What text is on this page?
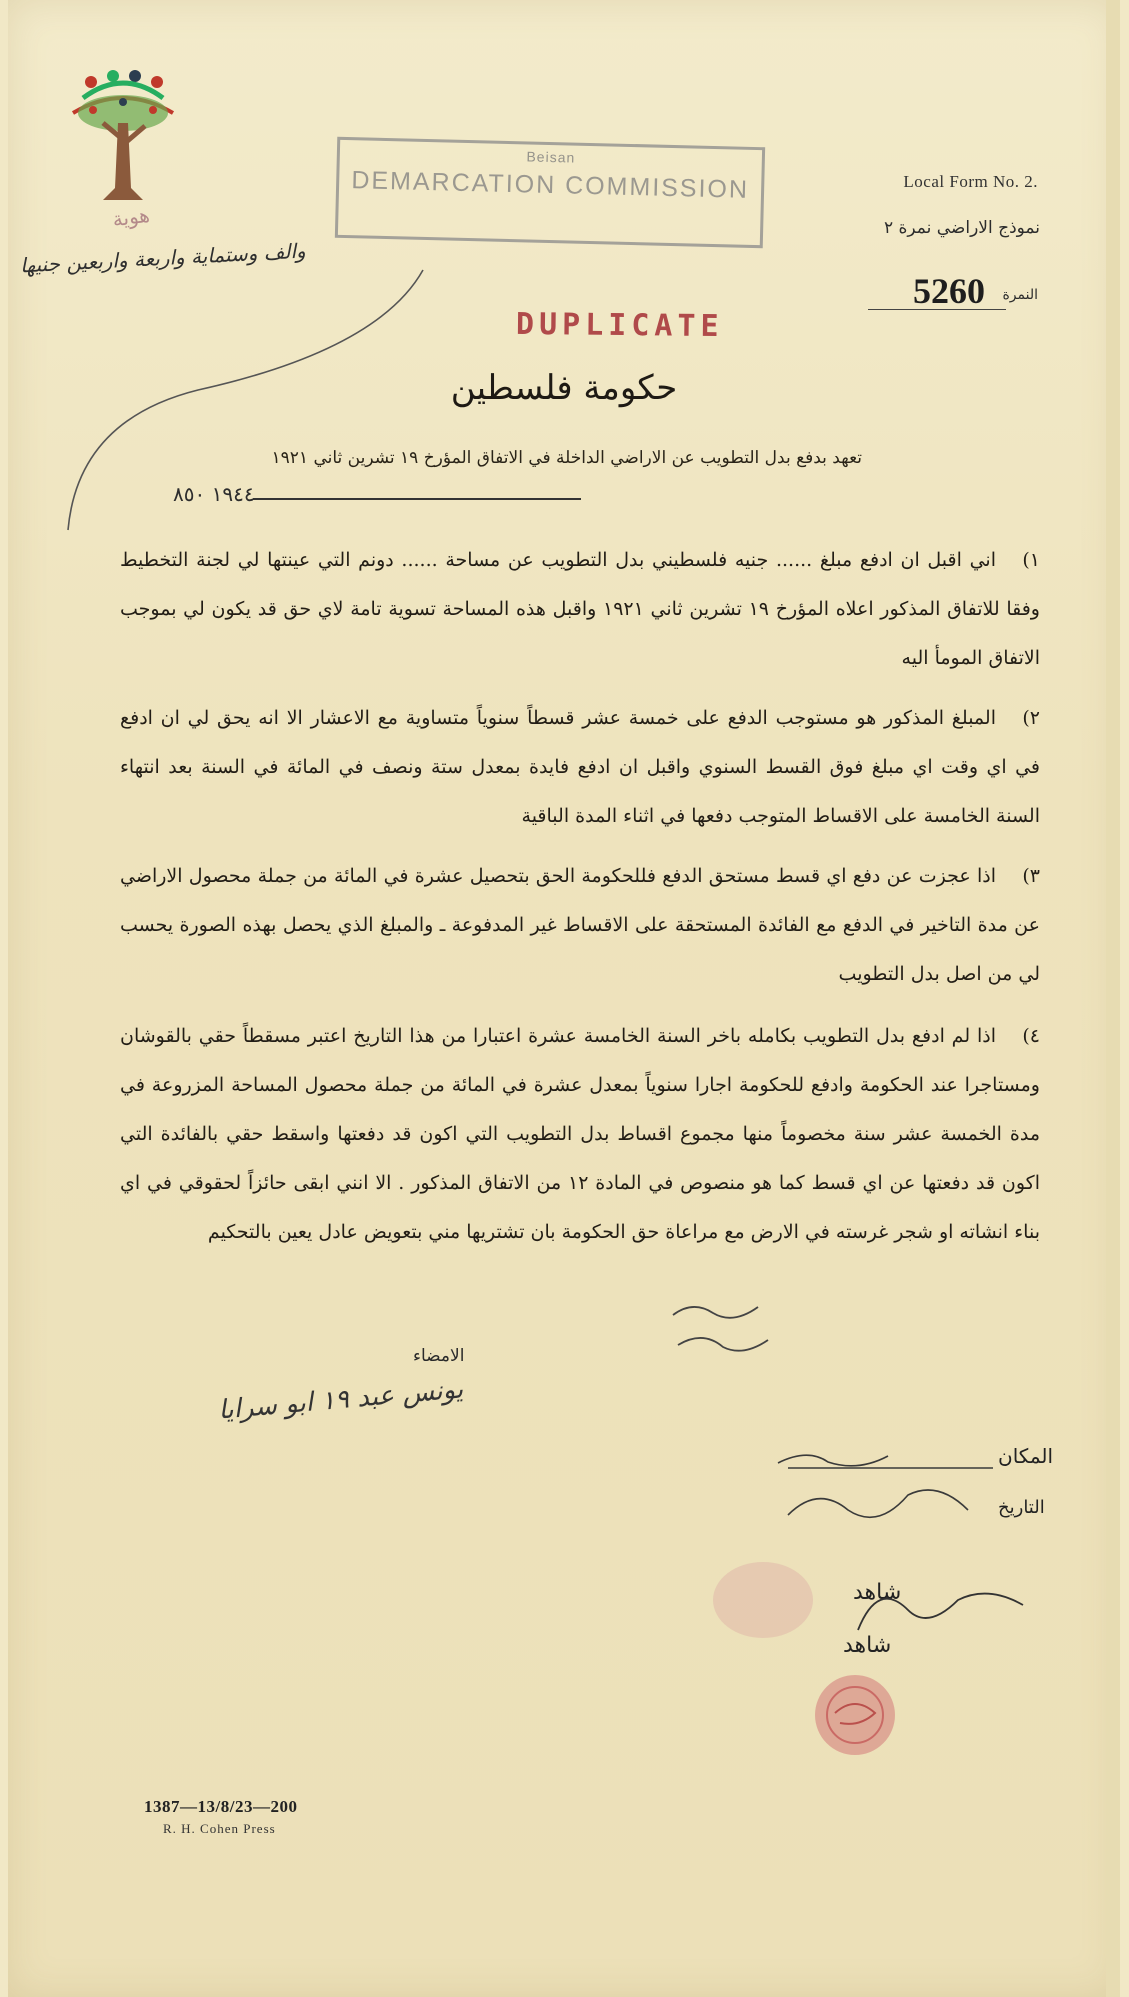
هوية
والف وستماية واربعة واربعين جنيها
Beisan
DEMARCATION COMMISSION	Local Form No. 2.
نموذج الاراضي نمرة ٢
5260 النمرة
DUPLICATE
حكومة فلسطين
تعهد بدفع بدل التطويب عن الاراضي الداخلة في الاتفاق المؤرخ ١٩ تشرين ثاني ١٩٢١
١٩٤٤ ٨٥٠
١)اني اقبل ان ادفع مبلغ ...... جنيه فلسطيني بدل التطويب عن مساحة ...... دونم التي عينتها لي لجنة التخطيط وفقا للاتفاق المذكور اعلاه المؤرخ ١٩ تشرين ثاني ١٩٢١ واقبل هذه المساحة تسوية تامة لاي حق قد يكون لي بموجب الاتفاق المومأ اليه
٢)المبلغ المذكور هو مستوجب الدفع على خمسة عشر قسطاً سنوياً متساوية مع الاعشار الا انه يحق لي ان ادفع في اي وقت اي مبلغ فوق القسط السنوي واقبل ان ادفع فايدة بمعدل ستة ونصف في المائة في السنة بعد انتهاء السنة الخامسة على الاقساط المتوجب دفعها في اثناء المدة الباقية
٣)اذا عجزت عن دفع اي قسط مستحق الدفع فللحكومة الحق بتحصيل عشرة في المائة من جملة محصول الاراضي عن مدة التاخير في الدفع مع الفائدة المستحقة على الاقساط غير المدفوعة ـ والمبلغ الذي يحصل بهذه الصورة يحسب لي من اصل بدل التطويب
٤)اذا لم ادفع بدل التطويب بكامله باخر السنة الخامسة عشرة اعتبارا من هذا التاريخ اعتبر مسقطاً حقي بالقوشان ومستاجرا عند الحكومة وادفع للحكومة اجارا سنوياً بمعدل عشرة في المائة من جملة محصول المساحة المزروعة في مدة الخمسة عشر سنة مخصوماً منها مجموع اقساط بدل التطويب التي اكون قد دفعتها واسقط حقي بالفائدة التي اكون قد دفعتها عن اي قسط كما هو منصوص في المادة ١٢ من الاتفاق المذكور . الا انني ابقى حائزاً لحقوقي في اي بناء انشاته او شجر غرسته في الارض مع مراعاة حق الحكومة بان تشتريها مني بتعويض عادل يعين بالتحكيم
الامضاء
يونس عبد ١٩ ابو سرايا
المكان
التاريخ
شاهد
شاهد
1387—13/8/23—200
R. H. Cohen Press
